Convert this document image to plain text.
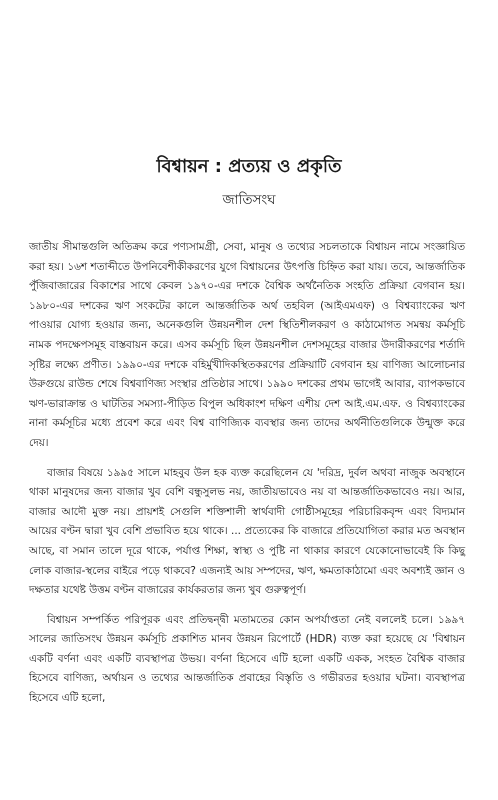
বিশ্বায়ন : প্রত্যয় ও প্রকৃতি
জাতিসংঘ

জাতীয় সীমান্তগুলি অতিক্রম করে পণ্যসামগ্রী, সেবা, মানুষ ও তথ্যের সচলতাকে বিশ্বায়ন নামে সংজ্ঞায়িত করা হয়। ১৬শ শতাব্দীতে উপনিবেশীকীকরণের যুগে বিশ্বায়নের উৎপত্তি চিহ্নিত করা যায়। তবে, আন্তর্জাতিক পুঁজিবাজারের বিকাশের সাথে কেবল ১৯৭০-এর দশকে বৈশ্বিক অর্থনৈতিক সংহতি প্রক্রিয়া বেগবান হয়। ১৯৮০-এর দশকের ঋণ সংকটের কালে আন্তর্জাতিক অর্থ তহবিল (আইএমএফ) ও বিশ্বব্যাংকের ঋণ পাওয়ার যোগ্য হওয়ার জন্য, অনেকগুলি উন্নয়নশীল দেশ স্থিতিশীলকরণ ও কাঠামোগত সমন্বয় কর্মসূচি নামক পদক্ষেপসমূহ বাস্তবায়ন করে। এসব কর্মসূচি ছিল উন্নয়নশীল দেশসমূহের বাজার উদারীকরণের শর্তাদি সৃষ্টির লক্ষ্যে প্রণীত। ১৯৯০-এর দশকে বহির্মুখীদিকস্থিতকরণের প্রক্রিয়াটি বেগবান হয় বাণিজ্য আলোচনার উরুগুয়ে রাউন্ড শেষে বিশ্ববাণিজ্য সংস্থার প্রতিষ্ঠার সাথে। ১৯৯০ দশকের প্রথম ভাগেই আবার, ব্যাপকভাবে ঋণ-ভারাক্রান্ত ও ঘাটতির সমস্যা-পীড়িত বিপুল অধিকাংশ দক্ষিণ এশীয় দেশ আই.এম.এফ. ও বিশ্বব্যাংকের নানা কর্মসূচির মধ্যে প্রবেশ করে এবং বিশ্ব বাণিজ্যিক ব্যবস্থার জন্য তাদের অর্থনীতিগুলিকে উন্মুক্ত করে দেয়।

বাজার বিষয়ে ১৯৯৫ সালে মাহবুব উল হক ব্যক্ত করেছিলেন যে 'দরিদ্র, দুর্বল অথবা নাজুক অবস্থানে থাকা মানুষদের জন্য বাজার খুব বেশি বন্ধুসুলভ নয়, জাতীয়ভাবেও নয় বা আন্তর্জাতিকভাবেও নয়। আর, বাজার আদৌ মুক্ত নয়। প্রায়শই সেগুলি শক্তিশালী স্বার্থবাদী গোষ্ঠীসমূহের পরিচারিকবৃন্দ এবং বিদ্যমান আয়ের বণ্টন দ্বারা খুব বেশি প্রভাবিত হয়ে থাকে। ... প্রত্যেকের কি বাজারে প্রতিযোগিতা করার মত অবস্থান আছে, বা সমান তালে দূরে থাকে, পর্যাপ্ত শিক্ষা, স্বাস্থ্য ও পুষ্টি না থাকার কারণে যেকোনোভাবেই কি কিছু লোক বাজার-স্থলের বাইরে পড়ে থাকবে? এজন্যই আয় সম্পদের, ঋণ, ক্ষমতাকাঠামো এবং অবশ্যই জ্ঞান ও দক্ষতার যথেষ্ট উত্তম বণ্টন বাজারের কার্যকরতার জন্য খুব গুরুত্বপূর্ণ।

বিশ্বায়ন সম্পর্কিত পরিপূরক এবং প্রতিদ্বন্দ্বী মতামতের কোন অপর্যাপ্ততা নেই বললেই চলে। ১৯৯৭ সালের জাতিসংঘ উন্নয়ন কর্মসূচি প্রকাশিত মানব উন্নয়ন রিপোর্টে (HDR) ব্যক্ত করা হয়েছে যে 'বিশ্বায়ন একটি বর্ণনা এবং একটি ব্যবস্থাপত্র উভয়। বর্ণনা হিসেবে এটি হলো একটি একক, সংহত বৈশ্বিক বাজার হিসেবে বাণিজ্য, অর্থায়ন ও তথ্যের আন্তর্জাতিক প্রবাহের বিস্তৃতি ও গভীরতর হওয়ার ঘটনা। ব্যবস্থাপত্র হিসেবে এটি হলো,
